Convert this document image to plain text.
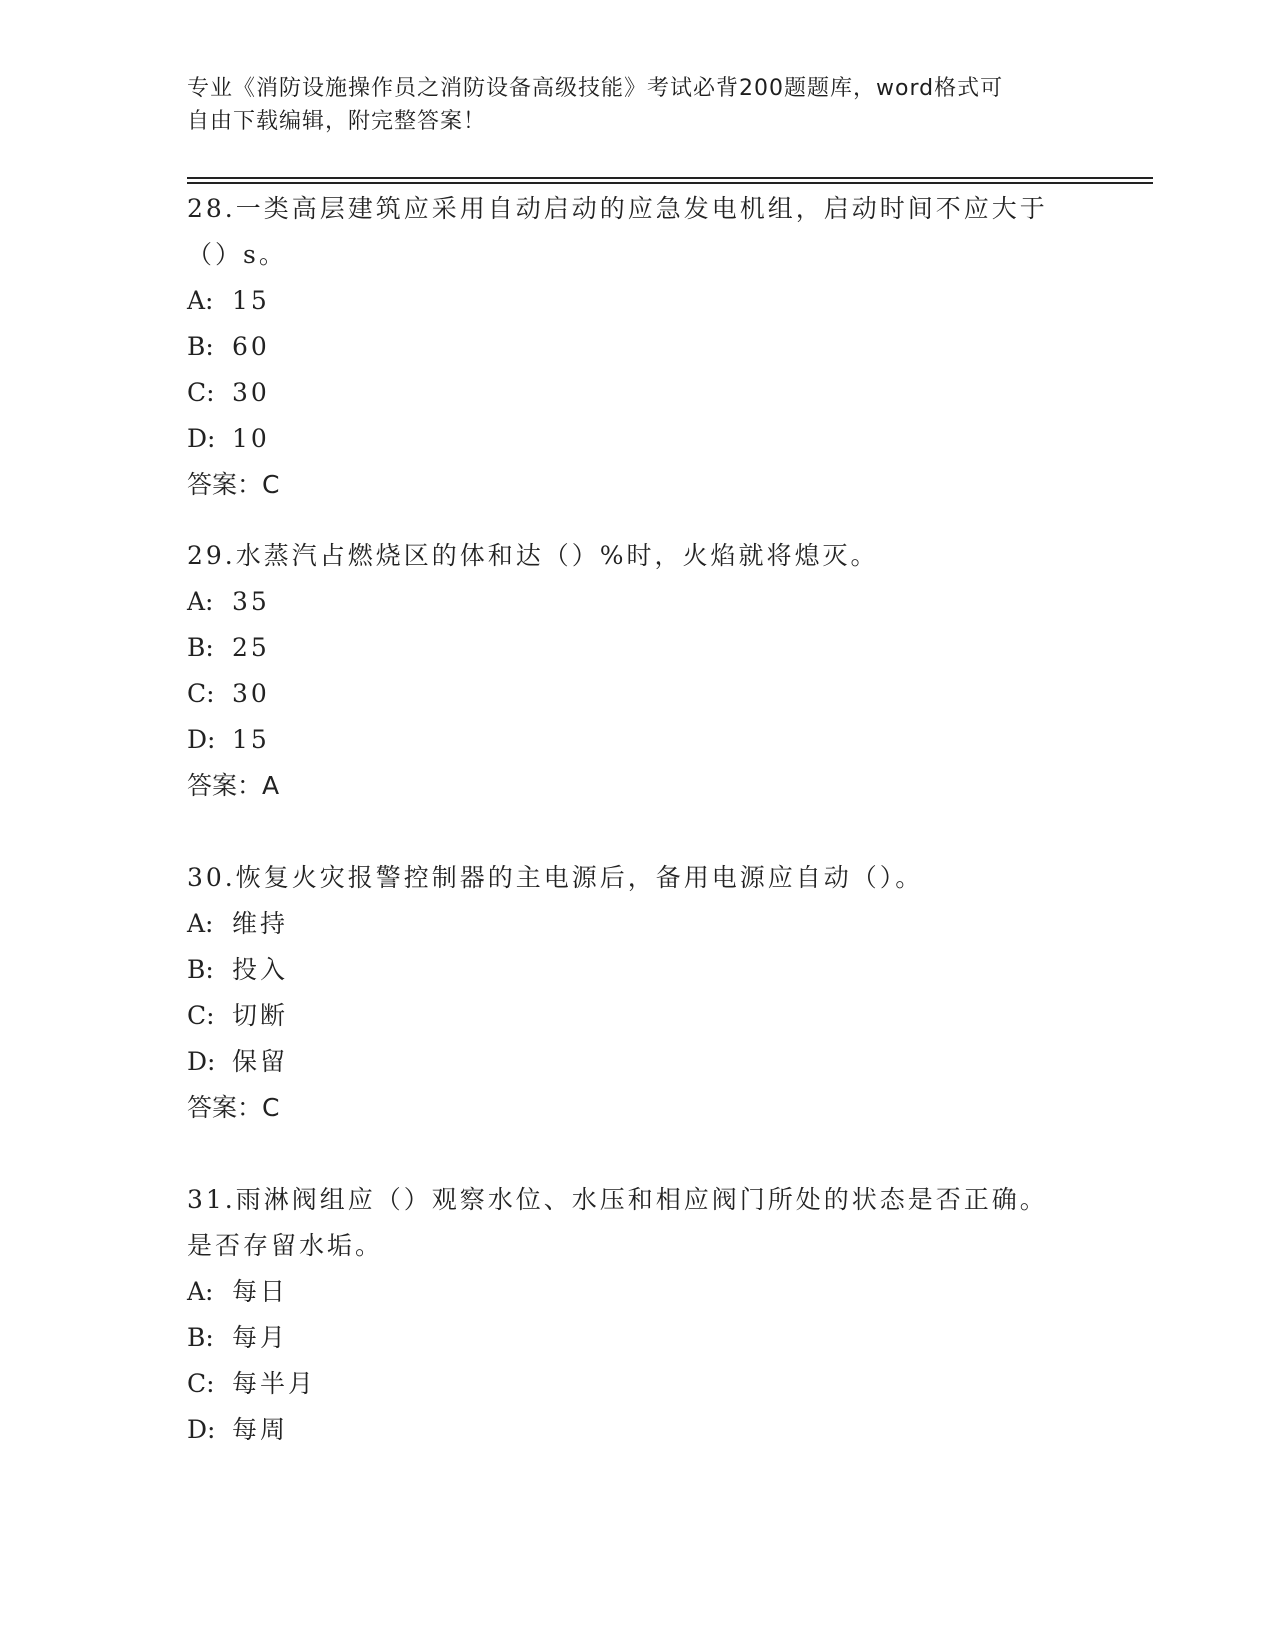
专业《消防设施操作员之消防设备高级技能》考试必背200题题库，word格式可
自由下载编辑，附完整答案！
28.一类高层建筑应采用自动启动的应急发电机组，启动时间不应大于
（）s。
A: 15
B: 60
C: 30
D: 10
答案：C
29.水蒸汽占燃烧区的体和达（）%时，火焰就将熄灭。
A: 35
B: 25
C: 30
D: 15
答案：A
30.恢复火灾报警控制器的主电源后，备用电源应自动（）。
A: 维持
B: 投入
C: 切断
D: 保留
答案：C
31.雨淋阀组应（）观察水位、水压和相应阀门所处的状态是否正确。
是否存留水垢。
A: 每日
B: 每月
C: 每半月
D: 每周
